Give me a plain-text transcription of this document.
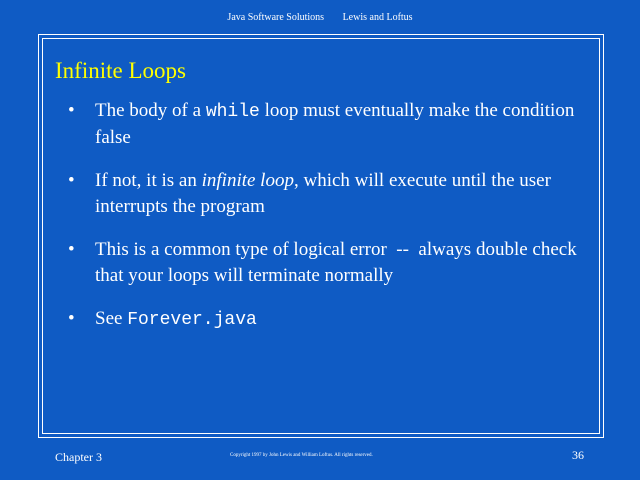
Java Software Solutions Lewis and Loftus
Infinite Loops
• The body of a while loop must eventually make the condition false
• If not, it is an infinite loop, which will execute until the user interrupts the program
• This is a common type of logical error  --  always double check that your loops will terminate normally
• See Forever.java
Chapter 3	Copyright 1997 by John Lewis and William Loftus. All rights reserved.	36
